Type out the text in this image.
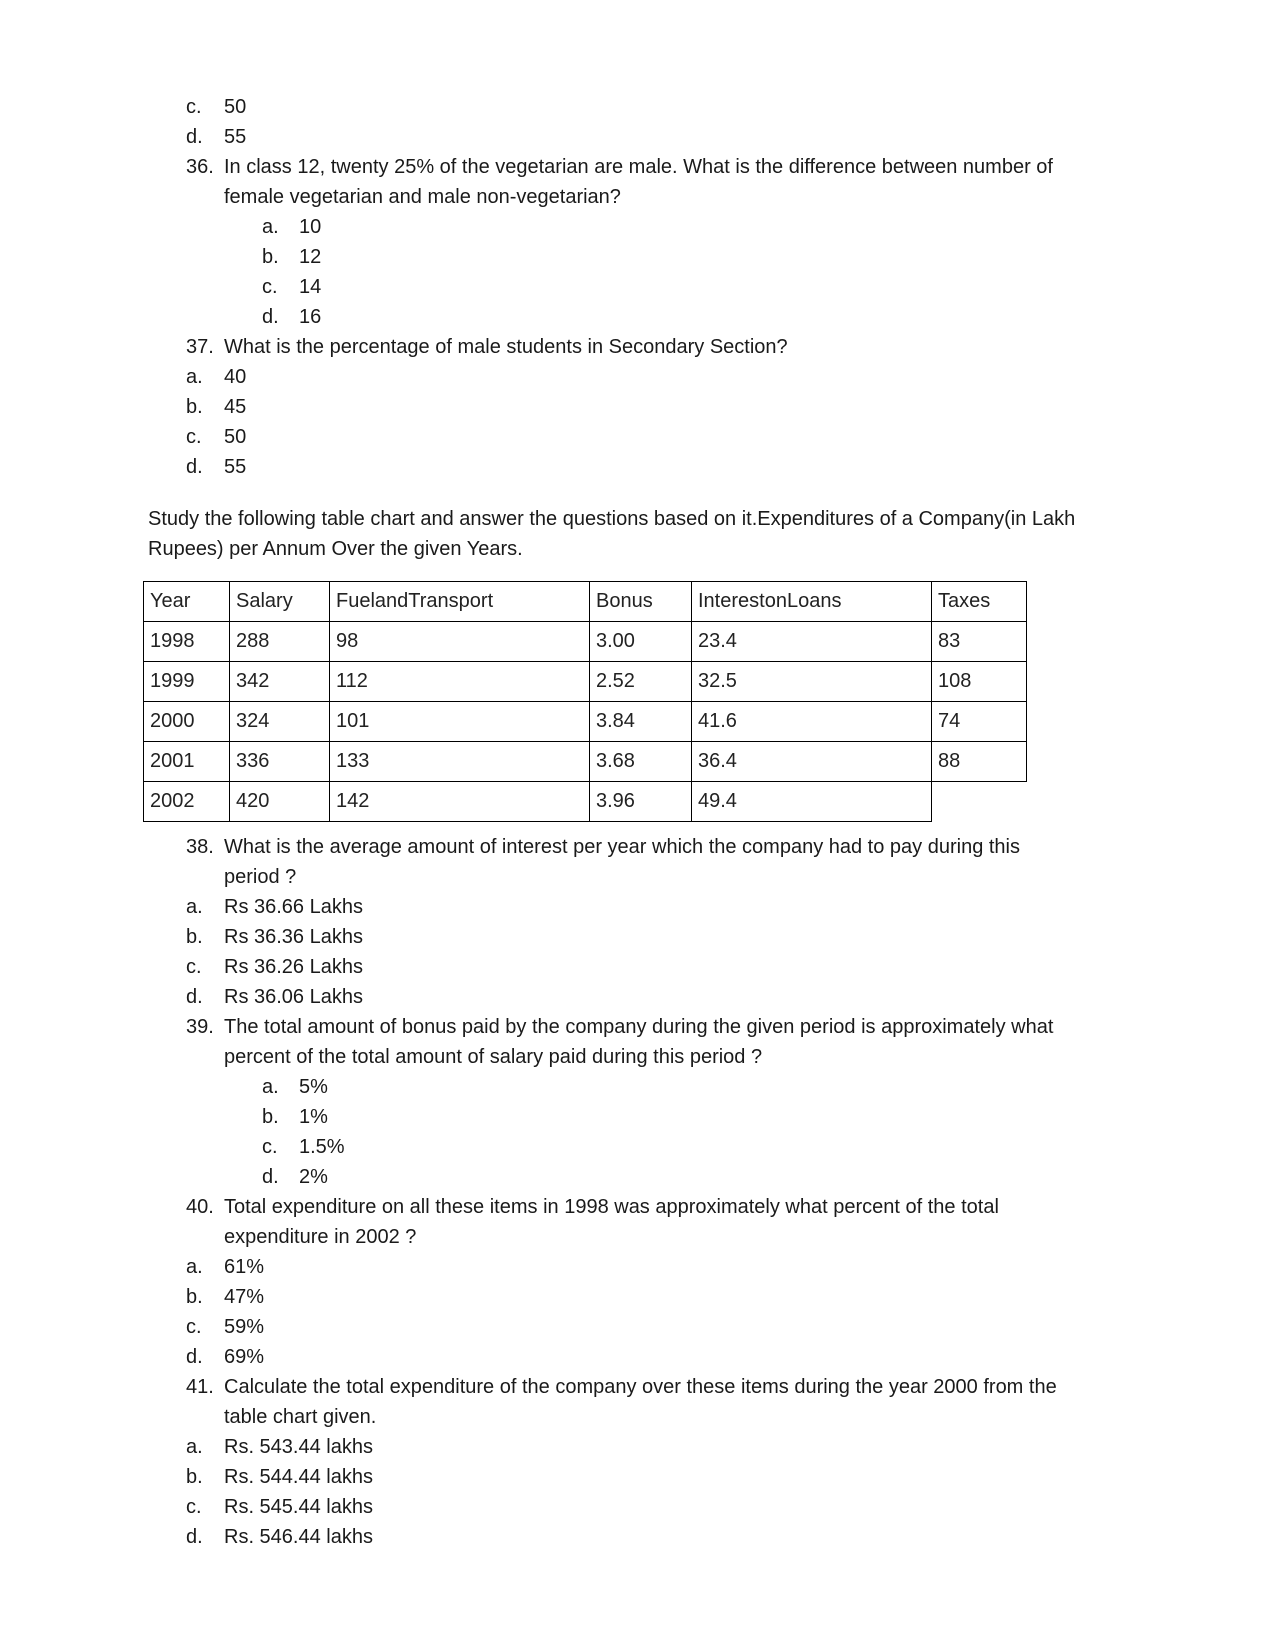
c. 50
d. 55
36. In class 12, twenty 25% of the vegetarian are male. What is the difference between number of
female vegetarian and male non-vegetarian?
a. 10
b. 12
c. 14
d. 16
37. What is the percentage of male students in Secondary Section?
a. 40
b. 45
c. 50
d. 55
Study the following table chart and answer the questions based on it.Expenditures of a Company(in Lakh
Rupees) per Annum Over the given Years.
Year	Salary	FuelandTransport	Bonus	InterestonLoans	Taxes
1998	288	98	3.00	23.4	83
1999	342	112	2.52	32.5	108
2000	324	101	3.84	41.6	74
2001	336	133	3.68	36.4	88
2002	420	142	3.96	49.4	
38. What is the average amount of interest per year which the company had to pay during this
period ?
a. Rs 36.66 Lakhs
b. Rs 36.36 Lakhs
c. Rs 36.26 Lakhs
d. Rs 36.06 Lakhs
39. The total amount of bonus paid by the company during the given period is approximately what
percent of the total amount of salary paid during this period ?
a. 5%
b. 1%
c. 1.5%
d. 2%
40. Total expenditure on all these items in 1998 was approximately what percent of the total
expenditure in 2002 ?
a. 61%
b. 47%
c. 59%
d. 69%
41. Calculate the total expenditure of the company over these items during the year 2000 from the
table chart given.
a. Rs. 543.44 lakhs
b. Rs. 544.44 lakhs
c. Rs. 545.44 lakhs
d. Rs. 546.44 lakhs
